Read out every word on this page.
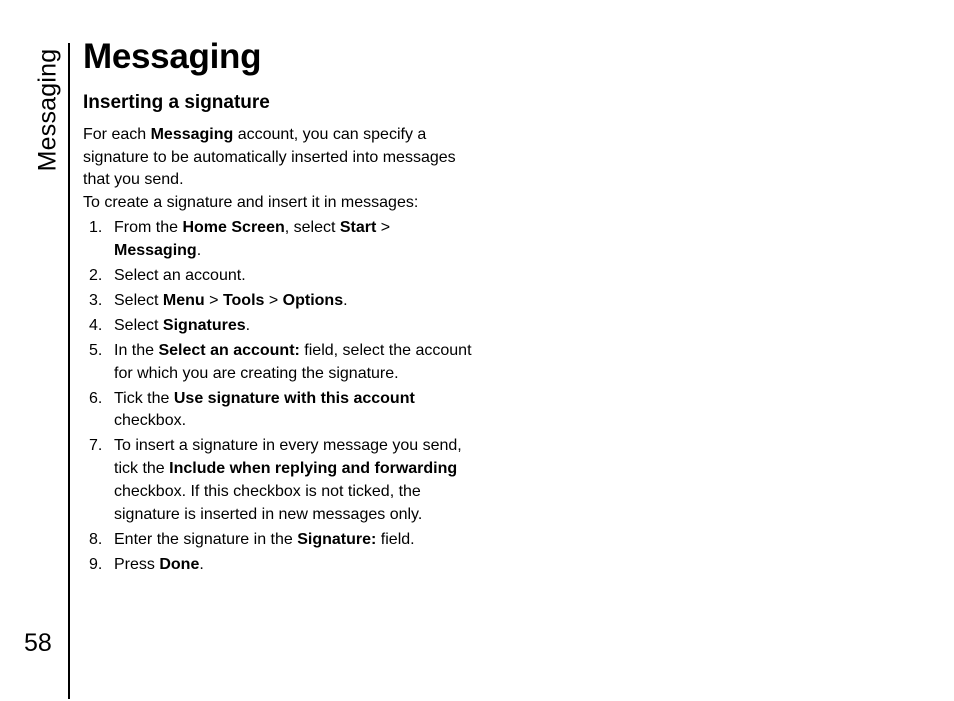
Messaging
58
Messaging
Inserting a signature

For each Messaging account, you can specify a signature to be automatically inserted into messages that you send.

To create a signature and insert it in messages:

1. From the Home Screen, select Start > Messaging.
2. Select an account.
3. Select Menu > Tools > Options.
4. Select Signatures.
5. In the Select an account: field, select the account for which you are creating the signature.
6. Tick the Use signature with this account checkbox.
7. To insert a signature in every message you send, tick the Include when replying and forwarding checkbox. If this checkbox is not ticked, the signature is inserted in new messages only.
8. Enter the signature in the Signature: field.
9. Press Done.
